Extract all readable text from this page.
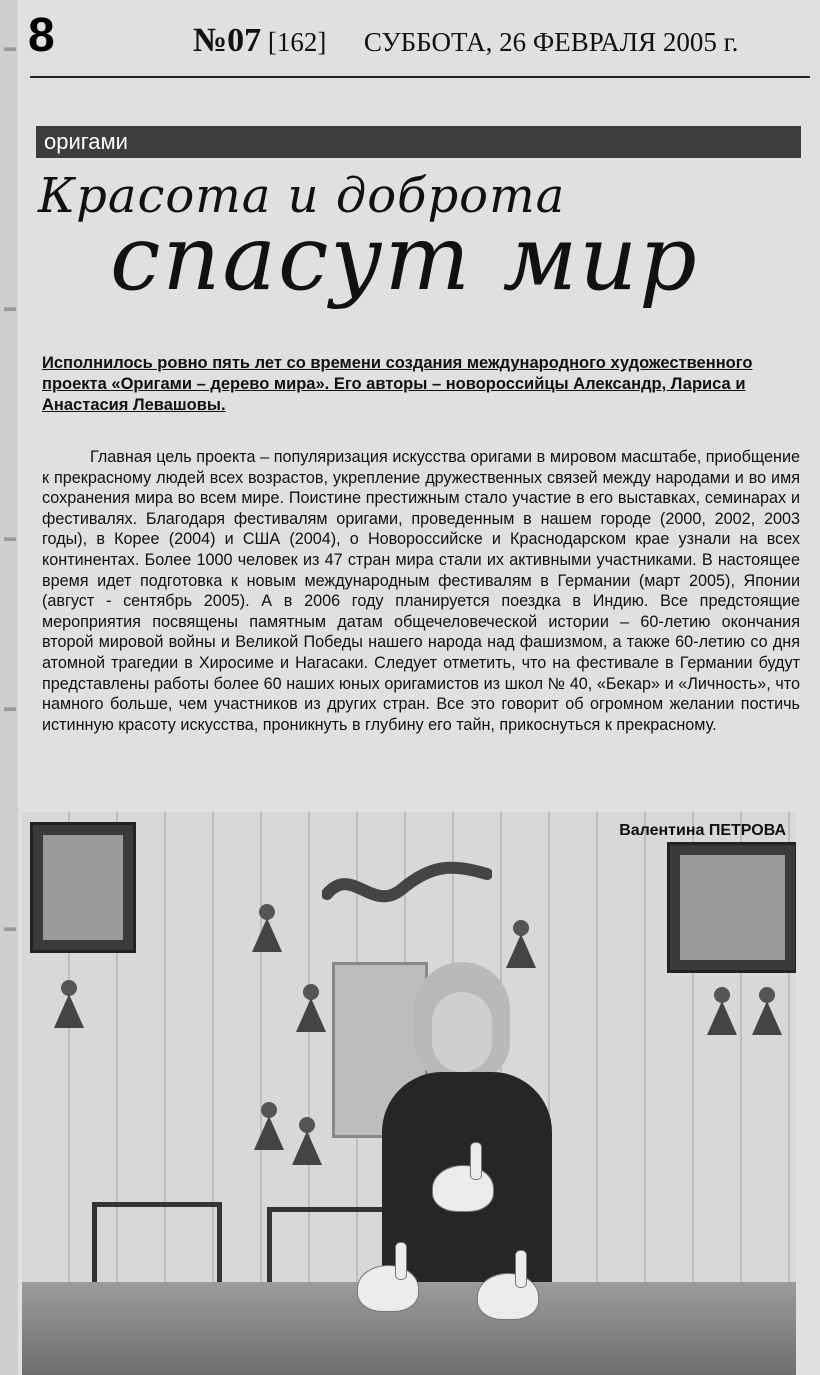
▬
▬
▬
▬
▬
8	№07 [162] СУББОТА, 26 ФЕВРАЛЯ 2005 г.
оригами
Красота и доброта
спасут мир
Исполнилось ровно пять лет со времени создания международного художественного проекта «Оригами – дерево мира». Его авторы – новороссийцы Александр, Лариса и Анастасия Левашовы.
Главная цель проекта – популяризация искусства оригами в мировом масштабе, приобщение к прекрасному людей всех возрастов, укрепление дружественных связей между народами и во имя сохранения мира во всем мире. Поистине престижным стало участие в его выставках, семинарах и фестивалях. Благодаря фестивалям оригами, проведенным в нашем городе (2000, 2002, 2003 годы), в Корее (2004) и США (2004), о Новороссийске и Краснодарском крае узнали на всех континентах. Более 1000 человек из 47 стран мира стали их активными участниками. В настоящее время идет подготовка к новым международным фестивалям в Германии (март 2005), Японии (август - сентябрь 2005). А в 2006 году планируется поездка в Индию. Все предстоящие мероприятия посвящены памятным датам общечеловеческой истории – 60-летию окончания второй мировой войны и Великой Победы нашего народа над фашизмом, а также 60-летию со дня атомной трагедии в Хиросиме и Нагасаки. Следует отметить, что на фестивале в Германии будут представлены работы более 60 наших юных оригамистов из школ № 40, «Бекар» и «Личность», что намного больше, чем участников из других стран. Все это говорит об огромном желании постичь истинную красоту искусства, проникнуть в глубину его тайн, прикоснуться к прекрасному.
Валентина ПЕТРОВА
